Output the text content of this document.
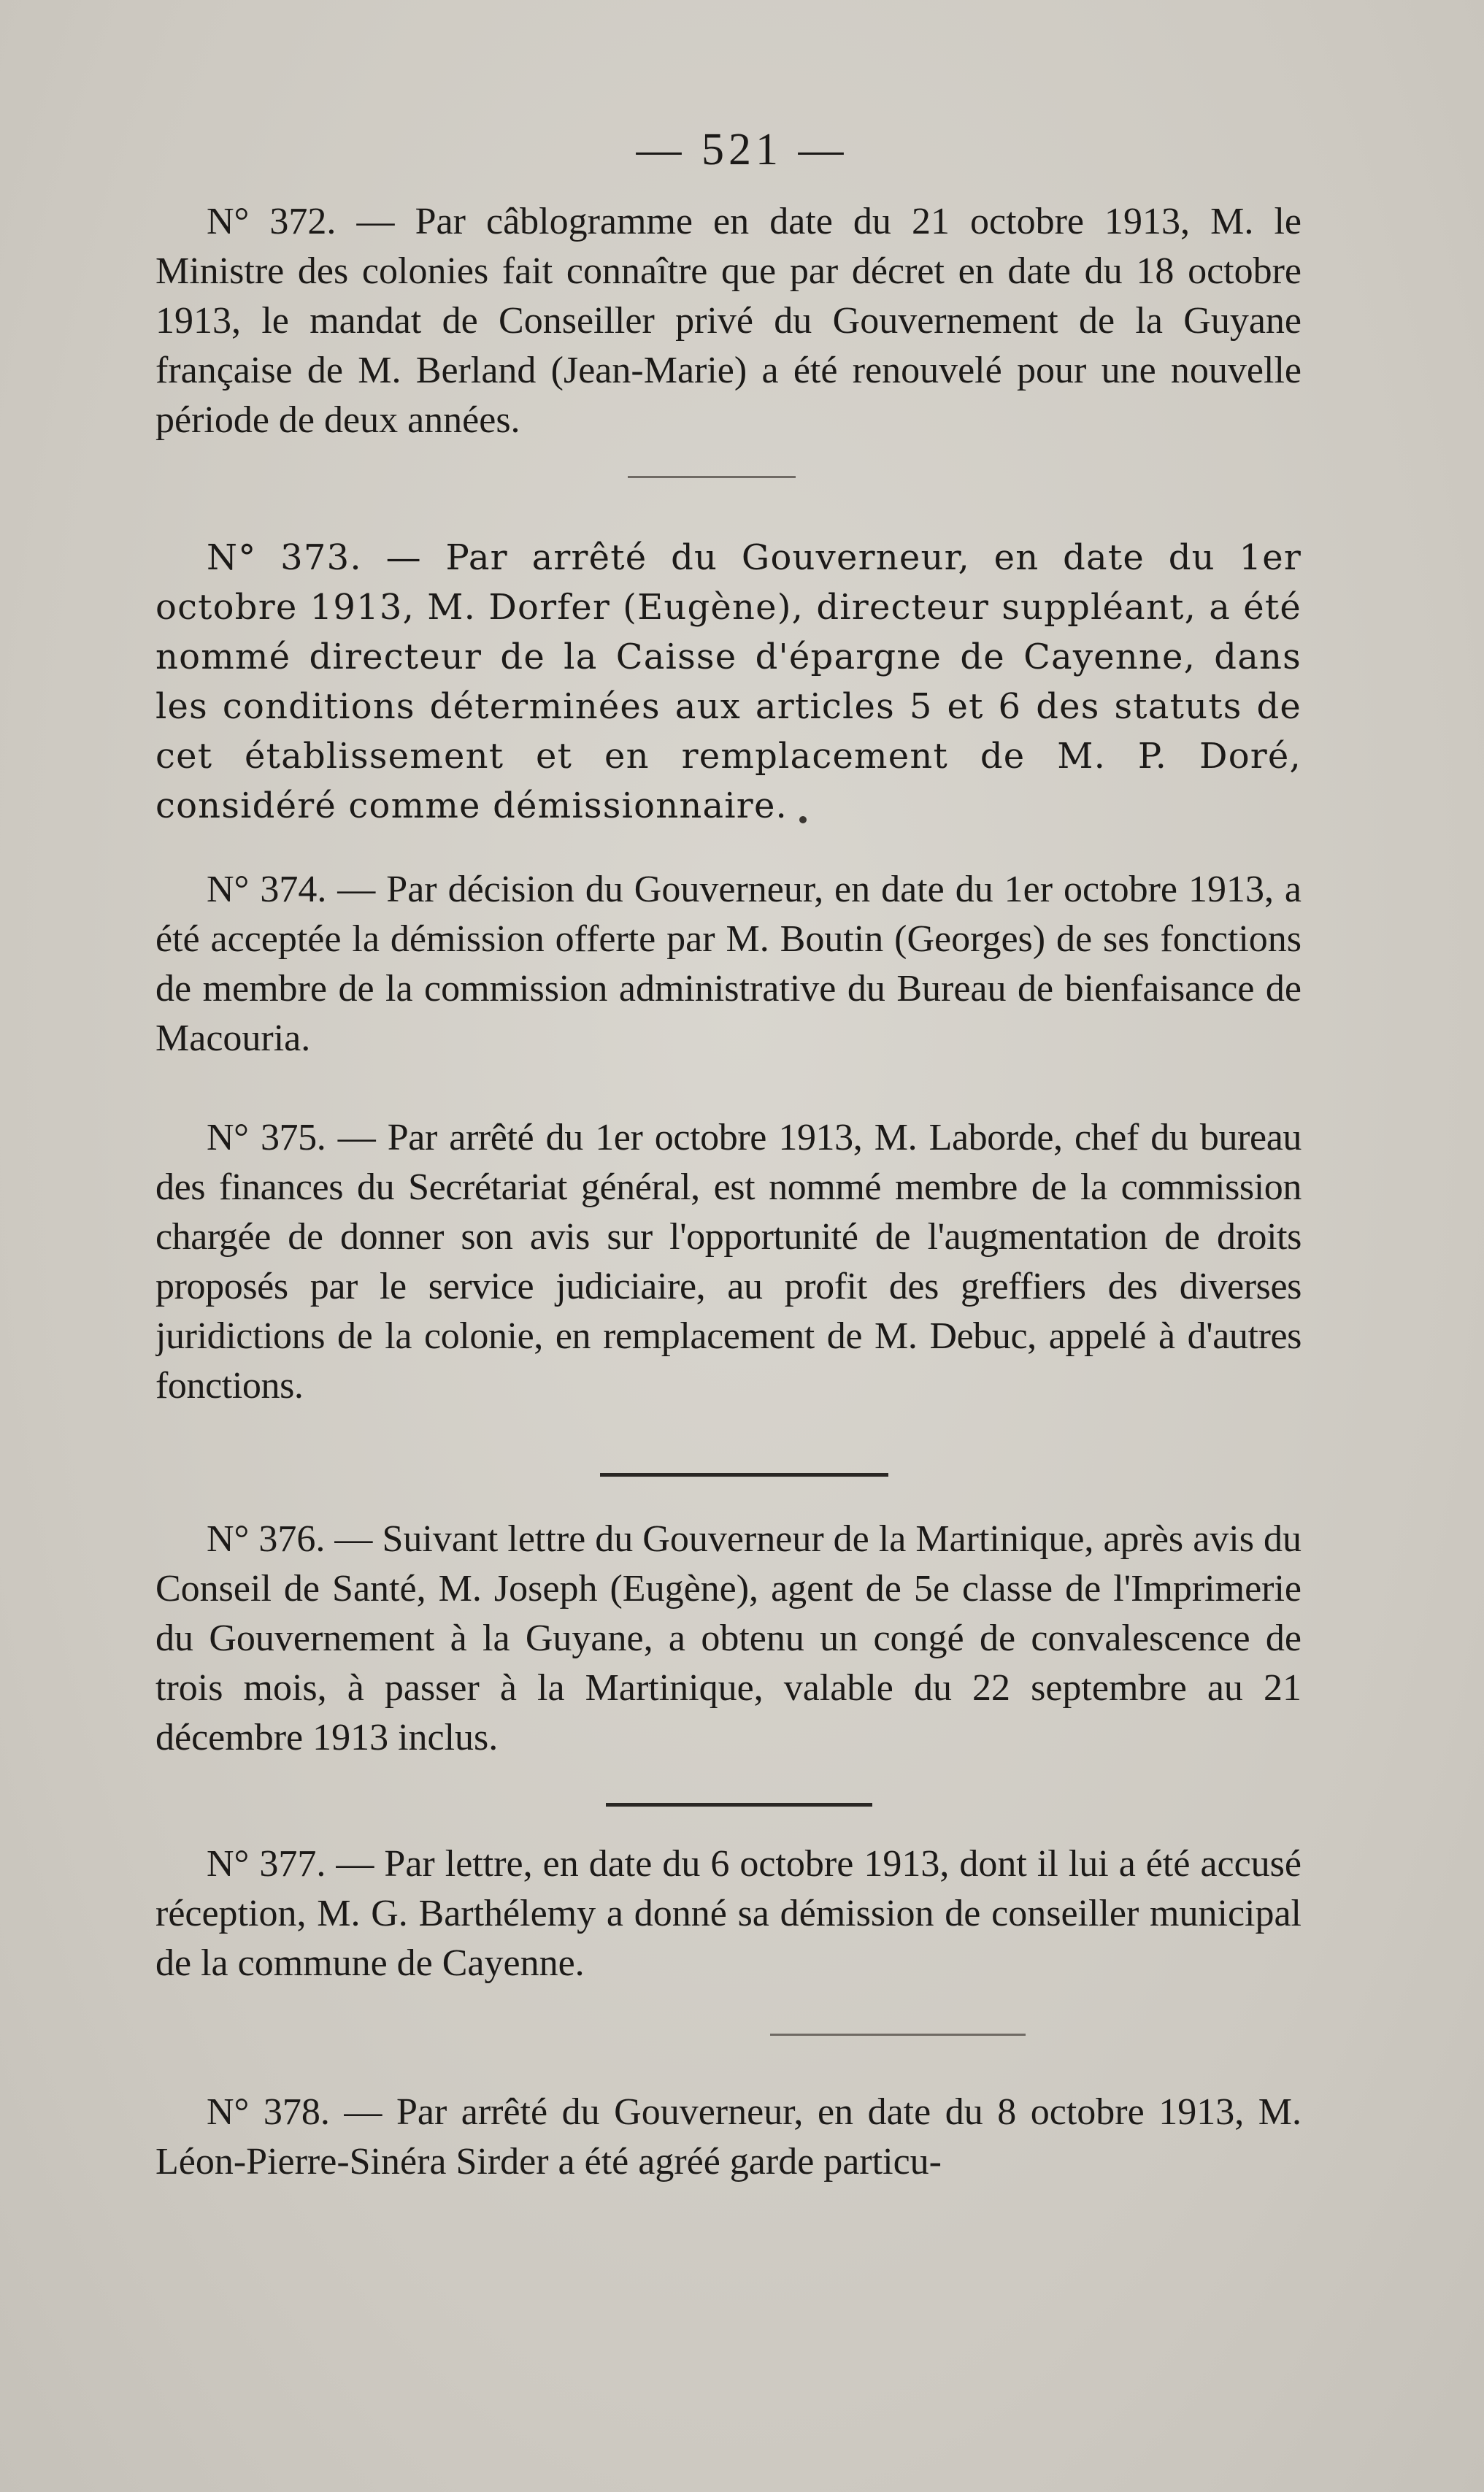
— 521 —

N° 372. — Par câblogramme en date du 21 octobre 1913, M. le Ministre des colonies fait connaître que par décret en date du 18 octobre 1913, le mandat de Conseiller privé du Gouvernement de la Guyane française de M. Berland (Jean-Marie) a été renouvelé pour une nouvelle période de deux années.

N° 373. — Par arrêté du Gouverneur, en date du 1er octobre 1913, M. Dorfer (Eugène), directeur suppléant, a été nommé directeur de la Caisse d'épargne de Cayenne, dans les conditions déterminées aux articles 5 et 6 des statuts de cet établissement et en remplacement de M. P. Doré, considéré comme démissionnaire.

N° 374. — Par décision du Gouverneur, en date du 1er octobre 1913, a été acceptée la démission offerte par M. Boutin (Georges) de ses fonctions de membre de la commission administrative du Bureau de bienfaisance de Macouria.

N° 375. — Par arrêté du 1er octobre 1913, M. Laborde, chef du bureau des finances du Secrétariat général, est nommé membre de la commission chargée de donner son avis sur l'opportunité de l'augmentation de droits proposés par le service judiciaire, au profit des greffiers des diverses juridictions de la colonie, en remplacement de M. Debuc, appelé à d'autres fonctions.

N° 376. — Suivant lettre du Gouverneur de la Martinique, après avis du Conseil de Santé, M. Joseph (Eugène), agent de 5e classe de l'Imprimerie du Gouvernement à la Guyane, a obtenu un congé de convalescence de trois mois, à passer à la Martinique, valable du 22 septembre au 21 décembre 1913 inclus.

N° 377. — Par lettre, en date du 6 octobre 1913, dont il lui a été accusé réception, M. G. Barthélemy a donné sa démission de conseiller municipal de la commune de Cayenne.

N° 378. — Par arrêté du Gouverneur, en date du 8 octobre 1913, M. Léon-Pierre-Sinéra Sirder a été agréé garde particu-
